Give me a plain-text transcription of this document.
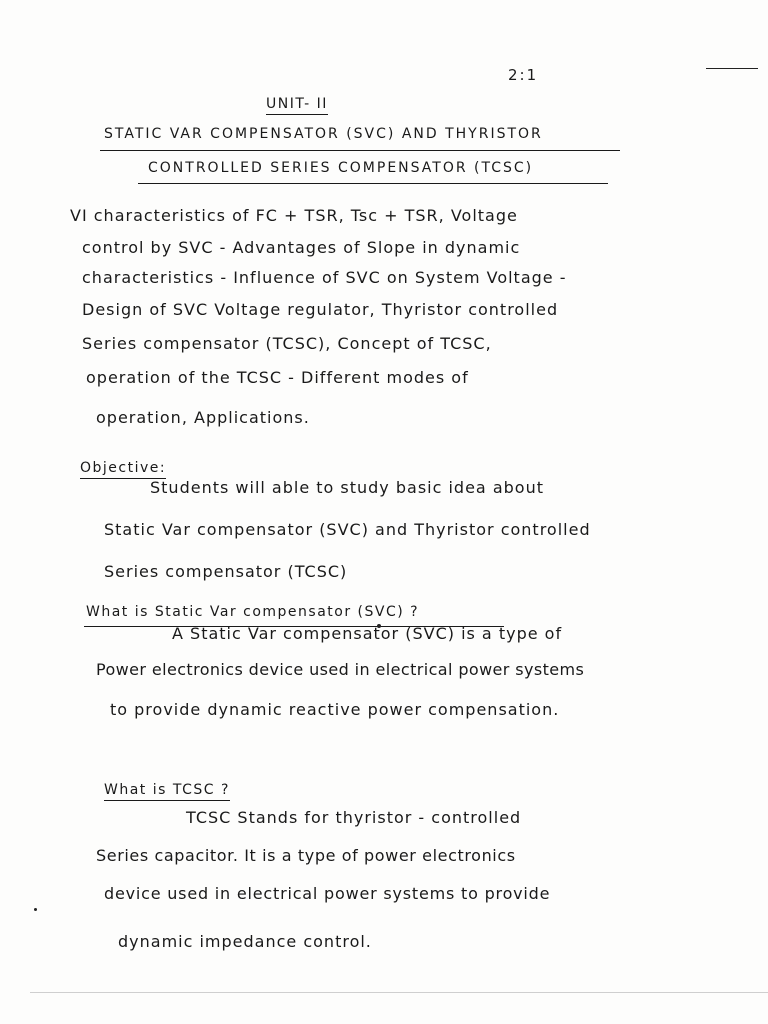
2:1
UNIT- II
STATIC VAR COMPENSATOR (SVC) AND THYRISTOR
CONTROLLED SERIES COMPENSATOR (TCSC)
VI characteristics of FC + TSR, Tsc + TSR, Voltage
control by SVC - Advantages of Slope in dynamic
characteristics - Influence of SVC on System Voltage -
Design of SVC Voltage regulator, Thyristor controlled
Series compensator (TCSC), Concept of TCSC,
operation of the TCSC - Different modes of
operation, Applications.
Objective:
Students will able to study basic idea about
Static Var compensator (SVC) and Thyristor controlled
Series compensator (TCSC)
What is Static Var compensator (SVC) ?
A Static Var compensator (SVC) is a type of
Power electronics device used in electrical power systems
to provide dynamic reactive power compensation.
What is TCSC ?
TCSC Stands for thyristor - controlled
Series capacitor. It is a type of power electronics
device used in electrical power systems to provide
dynamic impedance control.
